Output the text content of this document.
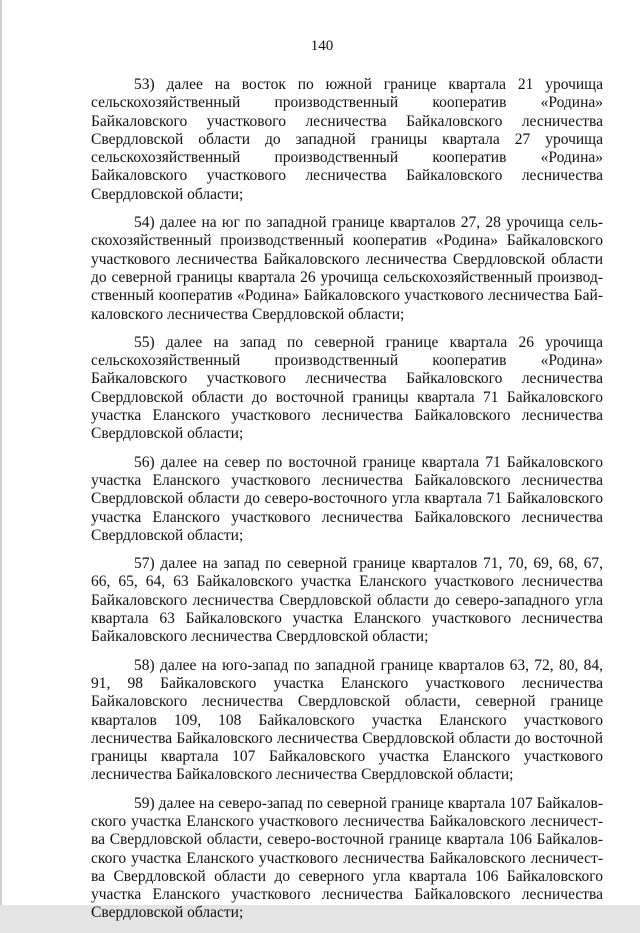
140

53) далее на восток по южной границе квартала 21 урочища сельскохозяйственный производственный кооператив «Родина» Байкаловского участкового лесничества Байкаловского лесничества Свердловской области до западной границы квартала 27 урочища сельскохозяйственный производственный кооператив «Родина» Байкаловского участкового лесничества Байкаловского лесничества Свердловской области;

54) далее на юг по западной границе кварталов 27, 28 урочища сельскохозяйственный производственный кооператив «Родина» Байкаловского участкового лесничества Байкаловского лесничества Свердловской области до северной границы квартала 26 урочища сельскохозяйственный производственный кооператив «Родина» Байкаловского участкового лесничества Байкаловского лесничества Свердловской области;

55) далее на запад по северной границе квартала 26 урочища сельскохозяйственный производственный кооператив «Родина» Байкаловского участкового лесничества Байкаловского лесничества Свердловской области до восточной границы квартала 71 Байкаловского участка Еланского участкового лесничества Байкаловского лесничества Свердловской области;

56) далее на север по восточной границе квартала 71 Байкаловского участка Еланского участкового лесничества Байкаловского лесничества Свердловской области до северо-восточного угла квартала 71 Байкаловского участка Еланского участкового лесничества Байкаловского лесничества Свердловской области;

57) далее на запад по северной границе кварталов 71, 70, 69, 68, 67, 66, 65, 64, 63 Байкаловского участка Еланского участкового лесничества Байкаловского лесничества Свердловской области до северо-западного угла квартала 63 Байкаловского участка Еланского участкового лесничества Байкаловского лесничества Свердловской области;

58) далее на юго-запад по западной границе кварталов 63, 72, 80, 84, 91, 98 Байкаловского участка Еланского участкового лесничества Байкаловского лесничества Свердловской области, северной границе кварталов 109, 108 Байкаловского участка Еланского участкового лесничества Байкаловского лесничества Свердловской области до восточной границы квартала 107 Байкаловского участка Еланского участкового лесничества Байкаловского лесничества Свердловской области;

59) далее на северо-запад по северной границе квартала 107 Байкаловского участка Еланского участкового лесничества Байкаловского лесничества Свердловской области, северо-восточной границе квартала 106 Байкаловского участка Еланского участкового лесничества Байкаловского лесничества Свердловской области до северного угла квартала 106 Байкаловского участка Еланского участкового лесничества Байкаловского лесничества Свердловской области;
